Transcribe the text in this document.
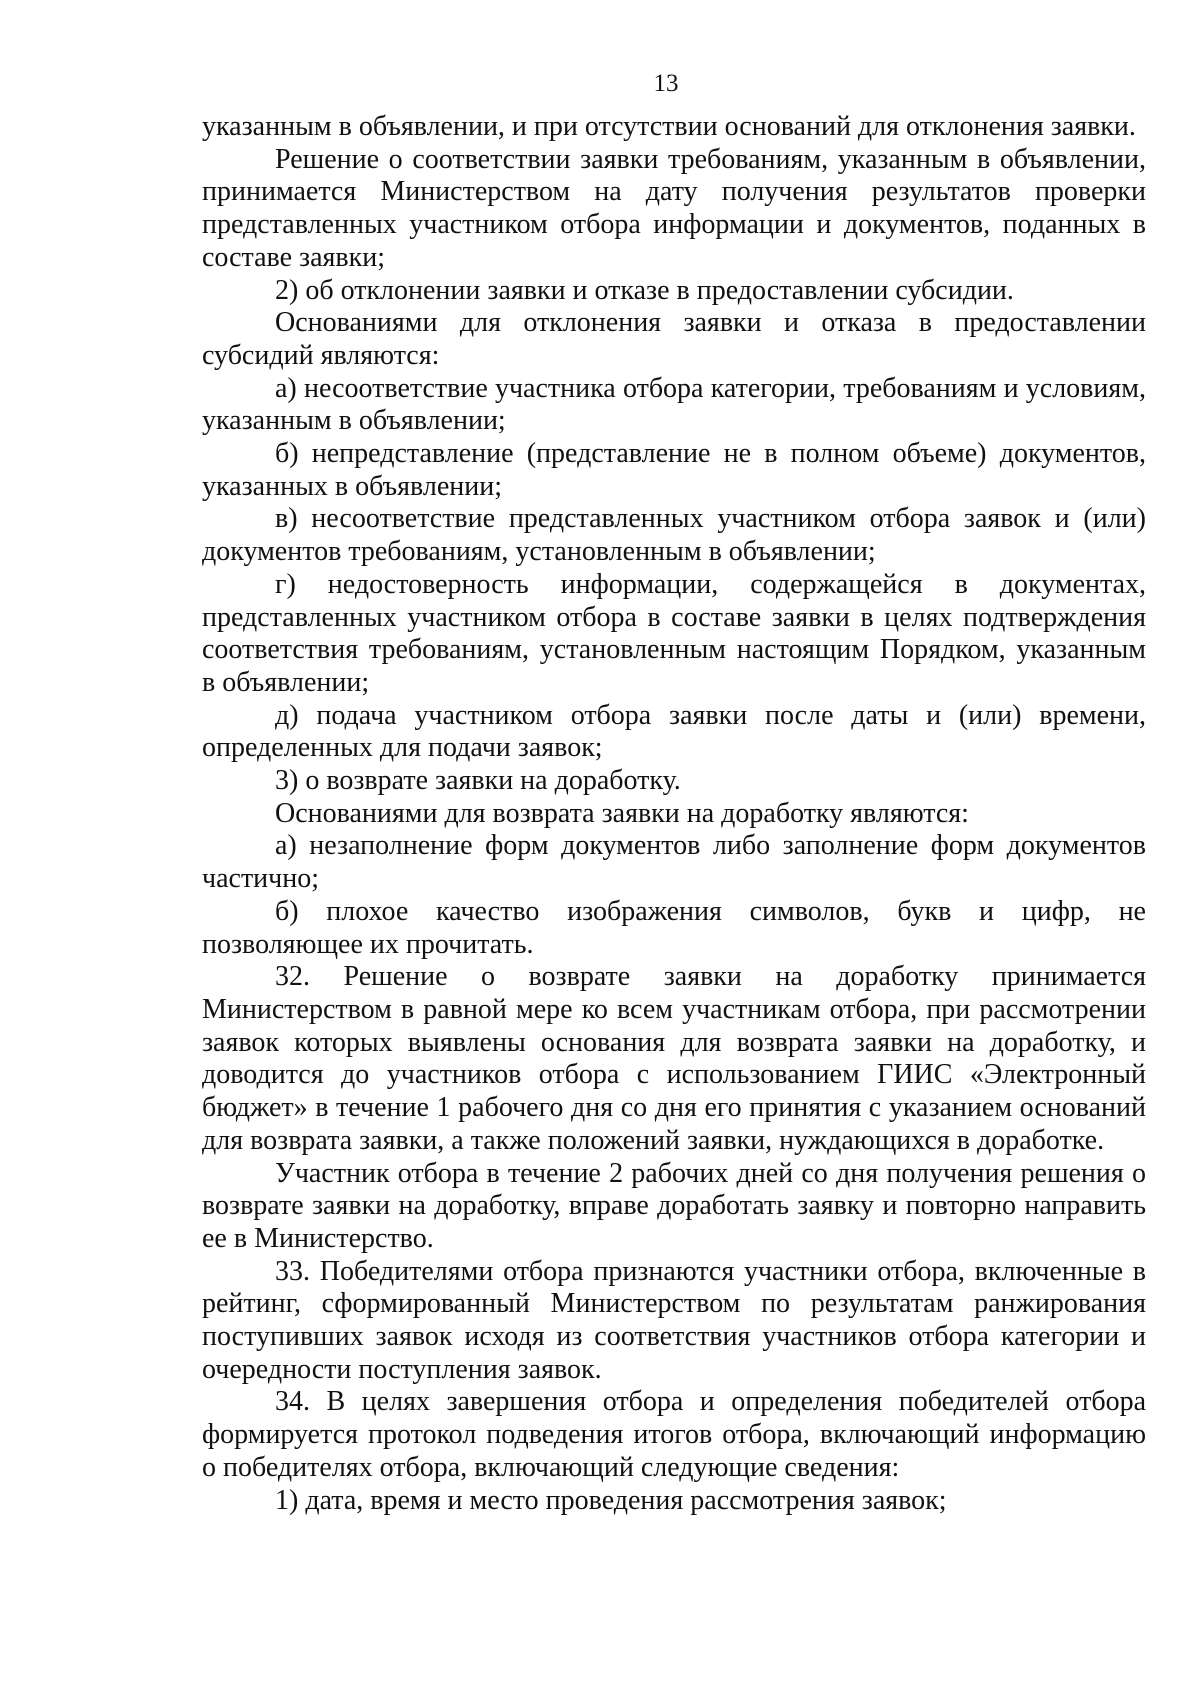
13

указанным в объявлении, и при отсутствии оснований для отклонения заявки.

Решение о соответствии заявки требованиям, указанным в объявлении, принимается Министерством на дату получения результатов проверки представленных участником отбора информации и документов, поданных в составе заявки;

2) об отклонении заявки и отказе в предоставлении субсидии.

Основаниями для отклонения заявки и отказа в предоставлении субсидий являются:

а) несоответствие участника отбора категории, требованиям и условиям, указанным в объявлении;

б) непредставление (представление не в полном объеме) документов, указанных в объявлении;

в) несоответствие представленных участником отбора заявок и (или) документов требованиям, установленным в объявлении;

г) недостоверность информации, содержащейся в документах, представленных участником отбора в составе заявки в целях подтверждения соответствия требованиям, установленным настоящим Порядком, указанным в объявлении;

д) подача участником отбора заявки после даты и (или) времени, определенных для подачи заявок;

3) о возврате заявки на доработку.

Основаниями для возврата заявки на доработку являются:

а) незаполнение форм документов либо заполнение форм документов частично;

б) плохое качество изображения символов, букв и цифр, не позволяющее их прочитать.

32. Решение о возврате заявки на доработку принимается Министерством в равной мере ко всем участникам отбора, при рассмотрении заявок которых выявлены основания для возврата заявки на доработку, и доводится до участников отбора с использованием ГИИС «Электронный бюджет» в течение 1 рабочего дня со дня его принятия с указанием оснований для возврата заявки, а также положений заявки, нуждающихся в доработке.

Участник отбора в течение 2 рабочих дней со дня получения решения о возврате заявки на доработку, вправе доработать заявку и повторно направить ее в Министерство.

33. Победителями отбора признаются участники отбора, включенные в рейтинг, сформированный Министерством по результатам ранжирования поступивших заявок исходя из соответствия участников отбора категории и очередности поступления заявок.

34. В целях завершения отбора и определения победителей отбора формируется протокол подведения итогов отбора, включающий информацию о победителях отбора, включающий следующие сведения:

1) дата, время и место проведения рассмотрения заявок;
